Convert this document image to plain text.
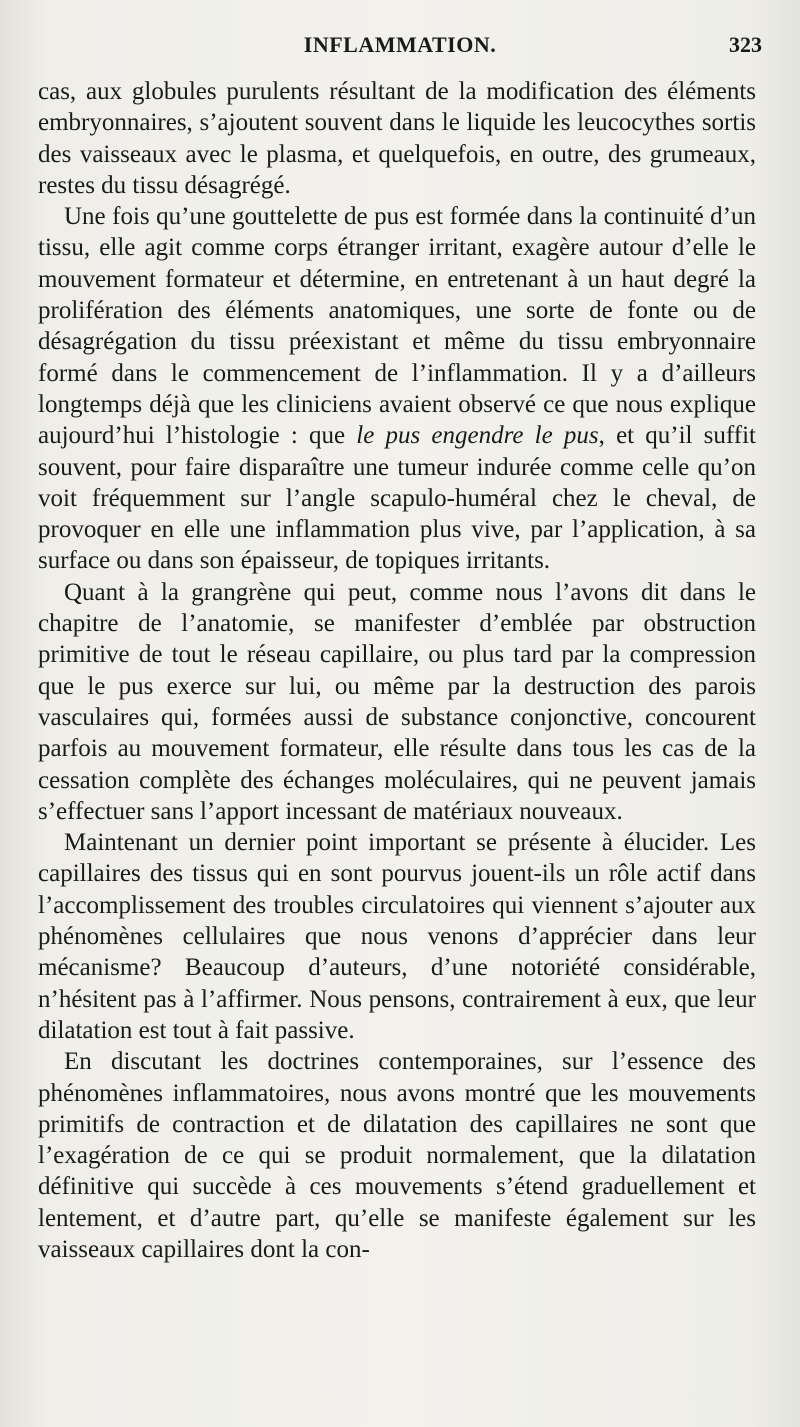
INFLAMMATION.	323

cas, aux globules purulents résultant de la modification des éléments embryonnaires, s’ajoutent souvent dans le liquide les leucocythes sortis des vaisseaux avec le plasma, et quelquefois, en outre, des grumeaux, restes du tissu désagrégé.

Une fois qu’une gouttelette de pus est formée dans la continuité d’un tissu, elle agit comme corps étranger irritant, exagère autour d’elle le mouvement formateur et détermine, en entretenant à un haut degré la prolifération des éléments anatomiques, une sorte de fonte ou de désagrégation du tissu préexistant et même du tissu embryonnaire formé dans le commencement de l’inflammation. Il y a d’ailleurs longtemps déjà que les cliniciens avaient observé ce que nous explique aujourd’hui l’histologie : que le pus engendre le pus, et qu’il suffit souvent, pour faire disparaître une tumeur indurée comme celle qu’on voit fréquemment sur l’angle scapulo-huméral chez le cheval, de provoquer en elle une inflammation plus vive, par l’application, à sa surface ou dans son épaisseur, de topiques irritants.

Quant à la grangrène qui peut, comme nous l’avons dit dans le chapitre de l’anatomie, se manifester d’emblée par obstruction primitive de tout le réseau capillaire, ou plus tard par la compression que le pus exerce sur lui, ou même par la destruction des parois vasculaires qui, formées aussi de substance conjonctive, concourent parfois au mouvement formateur, elle résulte dans tous les cas de la cessation complète des échanges moléculaires, qui ne peuvent jamais s’effectuer sans l’apport incessant de matériaux nouveaux.

Maintenant un dernier point important se présente à élucider. Les capillaires des tissus qui en sont pourvus jouent-ils un rôle actif dans l’accomplissement des troubles circulatoires qui viennent s’ajouter aux phénomènes cellulaires que nous venons d’apprécier dans leur mécanisme? Beaucoup d’auteurs, d’une notoriété considérable, n’hésitent pas à l’affirmer. Nous pensons, contrairement à eux, que leur dilatation est tout à fait passive.

En discutant les doctrines contemporaines, sur l’essence des phénomènes inflammatoires, nous avons montré que les mouvements primitifs de contraction et de dilatation des capillaires ne sont que l’exagération de ce qui se produit normalement, que la dilatation définitive qui succède à ces mouvements s’étend graduellement et lentement, et d’autre part, qu’elle se manifeste également sur les vaisseaux capillaires dont la con-
